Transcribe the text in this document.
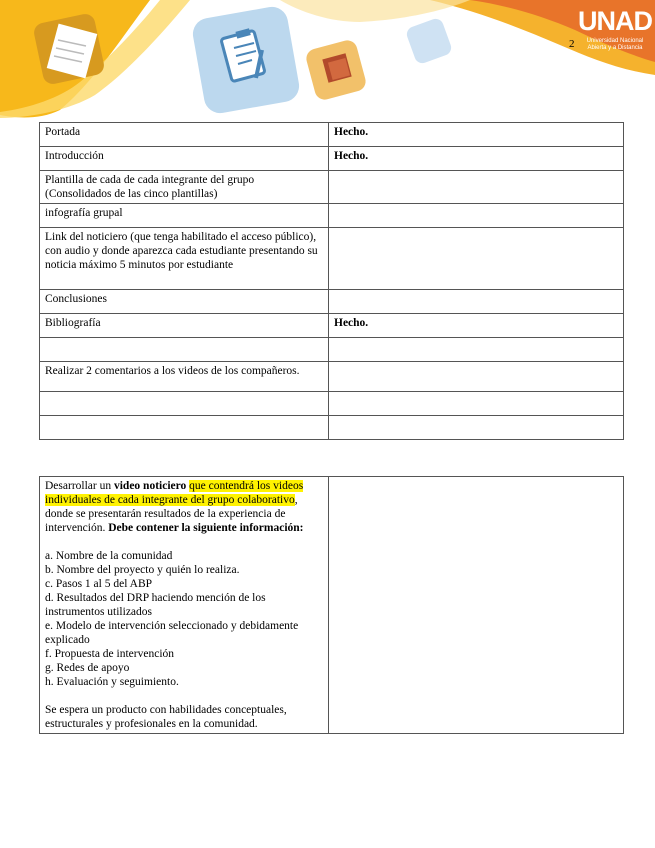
2
UNAD
Universidad Nacional
Abierta y a Distancia
Portada	Hecho.
Introducción	Hecho.
Plantilla de cada de cada integrante del grupo (Consolidados de las cinco plantillas)	
infografía grupal	
Link del noticiero (que tenga habilitado el acceso público), con audio y donde aparezca cada estudiante presentando su noticia máximo 5 minutos por estudiante	
Conclusiones	
Bibliografía	Hecho.

Realizar 2 comentarios a los videos de los compañeros.	

Desarrollar un video noticiero que contendrá los videos individuales de cada integrante del grupo colaborativo, donde se presentarán resultados de la experiencia de intervención. Debe contener la siguiente información:
a. Nombre de la comunidad
b. Nombre del proyecto y quién lo realiza.
c. Pasos 1 al 5 del ABP
d. Resultados del DRP haciendo mención de los instrumentos utilizados
e. Modelo de intervención seleccionado y debidamente explicado
f. Propuesta de intervención
g. Redes de apoyo
h. Evaluación y seguimiento.
Se espera un producto con habilidades conceptuales, estructurales y profesionales en la comunidad.
